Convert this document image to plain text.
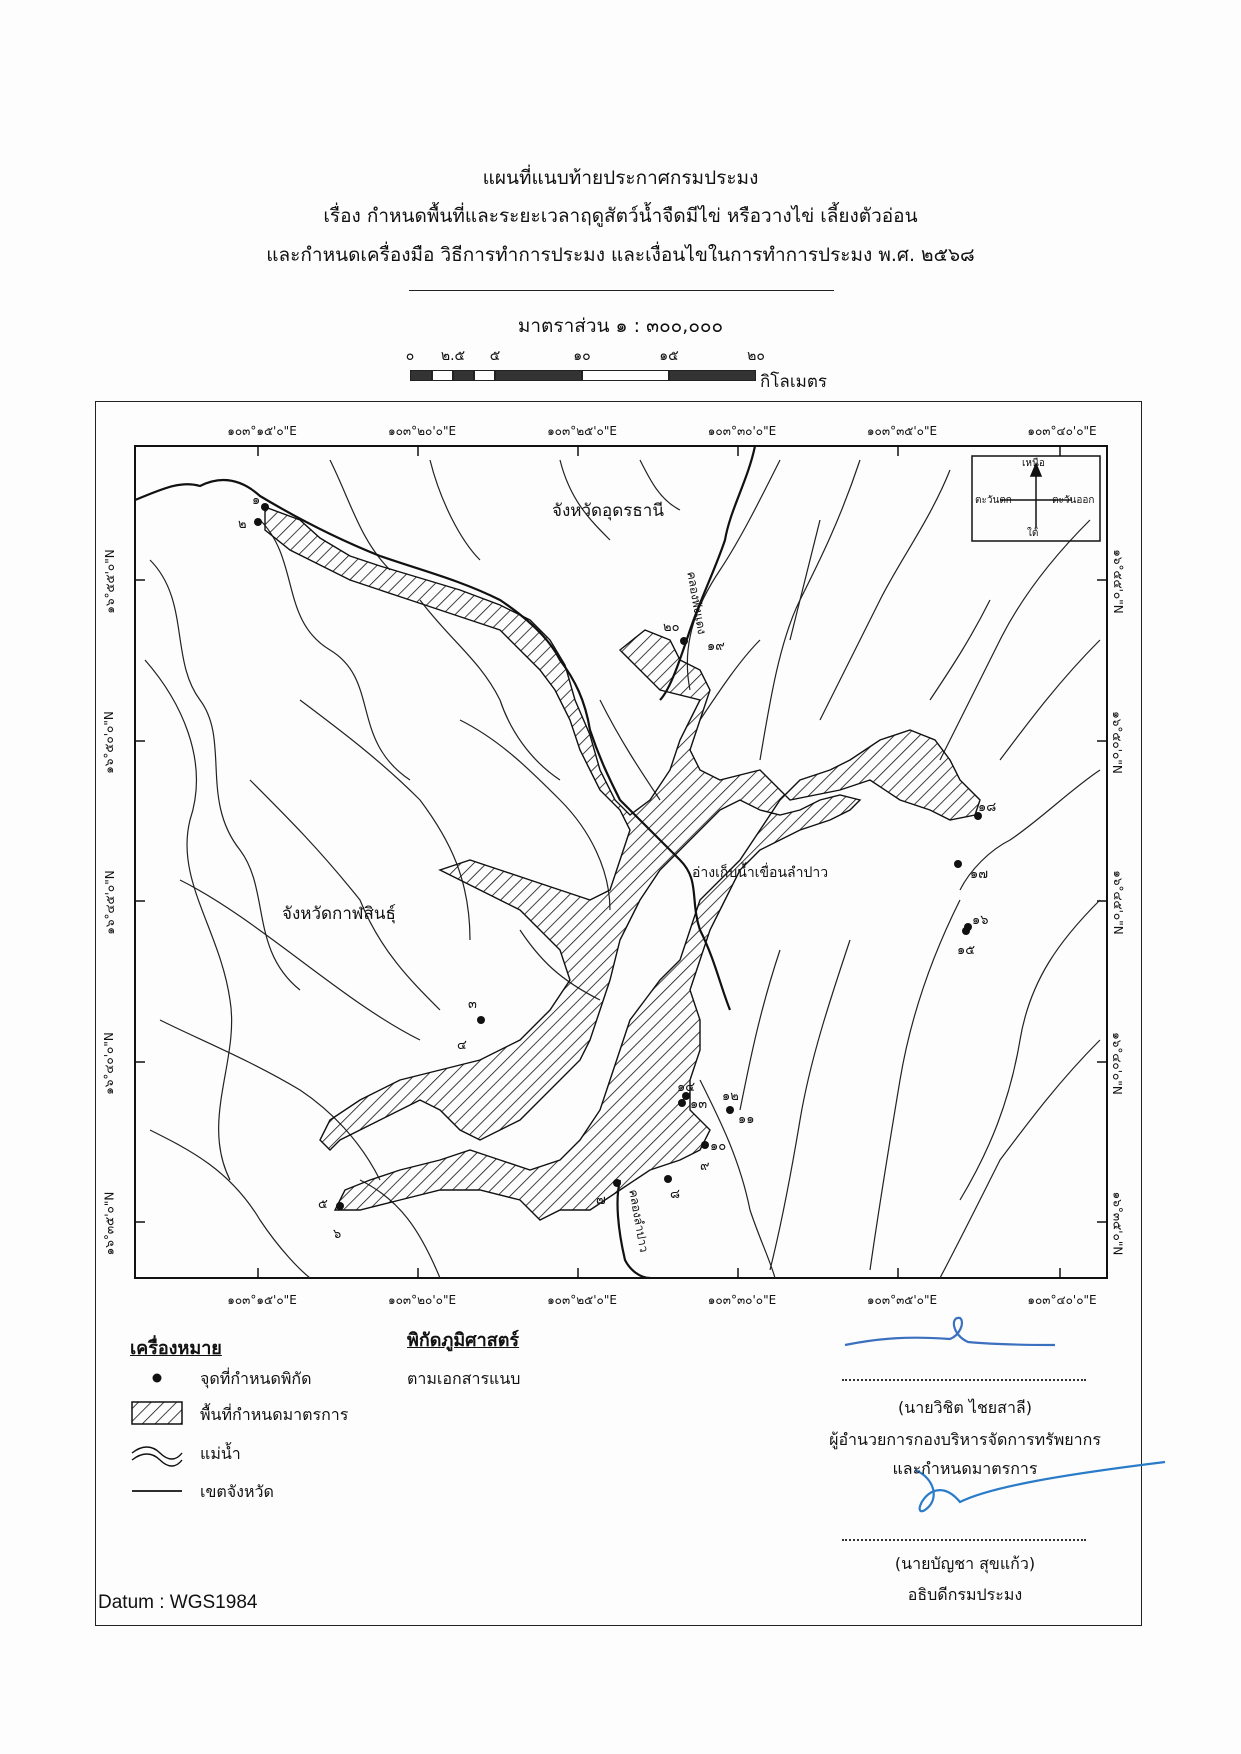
แผนที่แนบท้ายประกาศกรมประมง
เรื่อง กำหนดพื้นที่และระยะเวลาฤดูสัตว์น้ำจืดมีไข่ หรือวางไข่ เลี้ยงตัวอ่อน
และกำหนดเครื่องมือ วิธีการทำการประมง และเงื่อนไขในการทำการประมง พ.ศ. ๒๕๖๘
มาตราส่วน ๑ : ๓๐๐,๐๐๐
๐ ๒.๕ ๕	๑๐	๑๕	๒๐
กิโลเมตร
เหนือ
ใต้
ตะวันตก	ตะวันออก
๑๐๓°๑๕'๐"E	๑๐๓°๒๐'๐"E	๑๐๓°๒๕'๐"E	๑๐๓°๓๐'๐"E	๑๐๓°๓๕'๐"E	๑๐๓°๔๐'๐"E
๑๐๓°๑๕'๐"E	๑๐๓°๒๐'๐"E	๑๐๓°๒๕'๐"E	๑๐๓°๓๐'๐"E	๑๐๓°๓๕'๐"E	๑๐๓°๔๐'๐"E
๑๖°๕๕'๐"N
๑๖°๕๐'๐"N
๑๖°๔๕'๐"N
๑๖°๔๐'๐"N
๑๖°๓๕'๐"N
๑๖°๕๕'๐"N
๑๖°๕๐'๐"N
๑๖°๔๕'๐"N
๑๖°๔๐'๐"N
๑๖°๓๕'๐"N
จังหวัดอุดรธานี
จังหวัดกาฬสินธุ์
อ่างเก็บน้ำเขื่อนลำปาว
คลองพังแดง
คลองลำปาว
๑
๒
๓
๔
๕
๖
๗	๘
๙
๑๐
๑๑
๑๒
๑๓
๑๔
๑๕
๑๖
๑๗
๑๘
๑๙
๒๐
เครื่องหมาย
จุดที่กำหนดพิกัด
พื้นที่กำหนดมาตรการ
แม่น้ำ
เขตจังหวัด
พิกัดภูมิศาสตร์
ตามเอกสารแนบ
(นายวิชิต ไชยสาลี)
ผู้อำนวยการกองบริหารจัดการทรัพยากร
และกำหนดมาตรการ
(นายบัญชา สุขแก้ว)
อธิบดีกรมประมง
Datum : WGS1984
